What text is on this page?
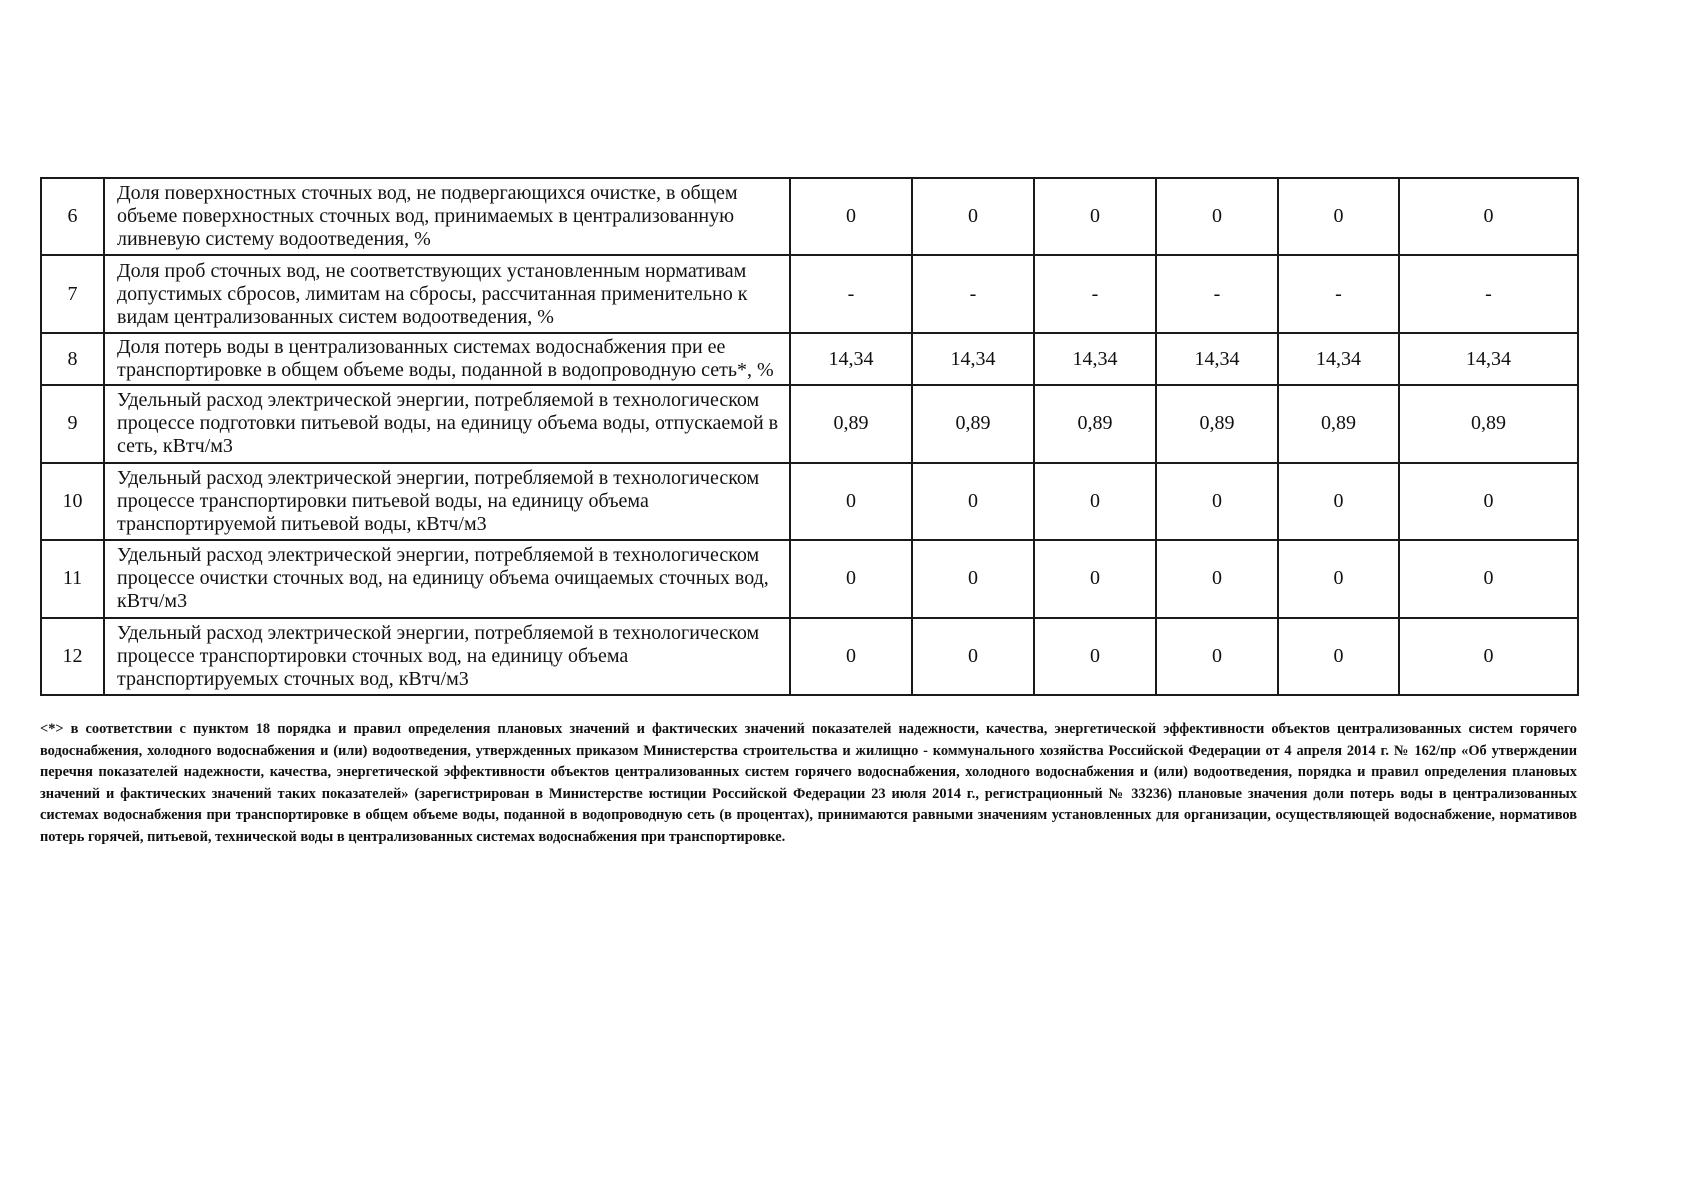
6	Доля поверхностных сточных вод, не подвергающихся очистке, в общем объеме поверхностных сточных вод, принимаемых в централизованную ливневую систему водоотведения, %	0	0	0	0	0	0
7	Доля проб сточных вод, не соответствующих установленным нормативам допустимых сбросов, лимитам на сбросы, рассчитанная применительно к видам централизованных систем водоотведения, %	-	-	-	-	-	-
8	Доля потерь воды в централизованных системах водоснабжения при ее транспортировке в общем объеме воды, поданной в водопроводную сеть*, %	14,34	14,34	14,34	14,34	14,34	14,34
9	Удельный расход электрической энергии, потребляемой в технологическом процессе подготовки питьевой воды, на единицу объема воды, отпускаемой в сеть, кВтч/м3	0,89	0,89	0,89	0,89	0,89	0,89
10	Удельный расход электрической энергии, потребляемой в технологическом процессе транспортировки питьевой воды, на единицу объема транспортируемой питьевой воды, кВтч/м3	0	0	0	0	0	0
11	Удельный расход электрической энергии, потребляемой в технологическом процессе очистки сточных вод, на единицу объема очищаемых сточных вод, кВтч/м3	0	0	0	0	0	0
12	Удельный расход электрической энергии, потребляемой в технологическом процессе транспортировки сточных вод, на единицу объема транспортируемых сточных вод, кВтч/м3	0	0	0	0	0	0
<*> в соответствии с пунктом 18 порядка и правил определения плановых значений и фактических значений показателей надежности, качества, энергетической эффективности объектов централизованных систем горячего водоснабжения, холодного водоснабжения и (или) водоотведения, утвержденных приказом Министерства строительства и жилищно - коммунального хозяйства Российской Федерации от 4 апреля 2014 г. № 162/пр «Об утверждении перечня показателей надежности, качества, энергетической эффективности объектов централизованных систем горячего водоснабжения, холодного водоснабжения и (или) водоотведения, порядка и правил определения плановых значений и фактических значений таких показателей» (зарегистрирован в Министерстве юстиции Российской Федерации 23 июля 2014 г., регистрационный № 33236) плановые значения доли потерь воды в централизованных системах водоснабжения при транспортировке в общем объеме воды, поданной в водопроводную сеть (в процентах), принимаются равными значениям установленных для организации, осуществляющей водоснабжение, нормативов потерь горячей, питьевой, технической воды в централизованных системах водоснабжения при транспортировке.
